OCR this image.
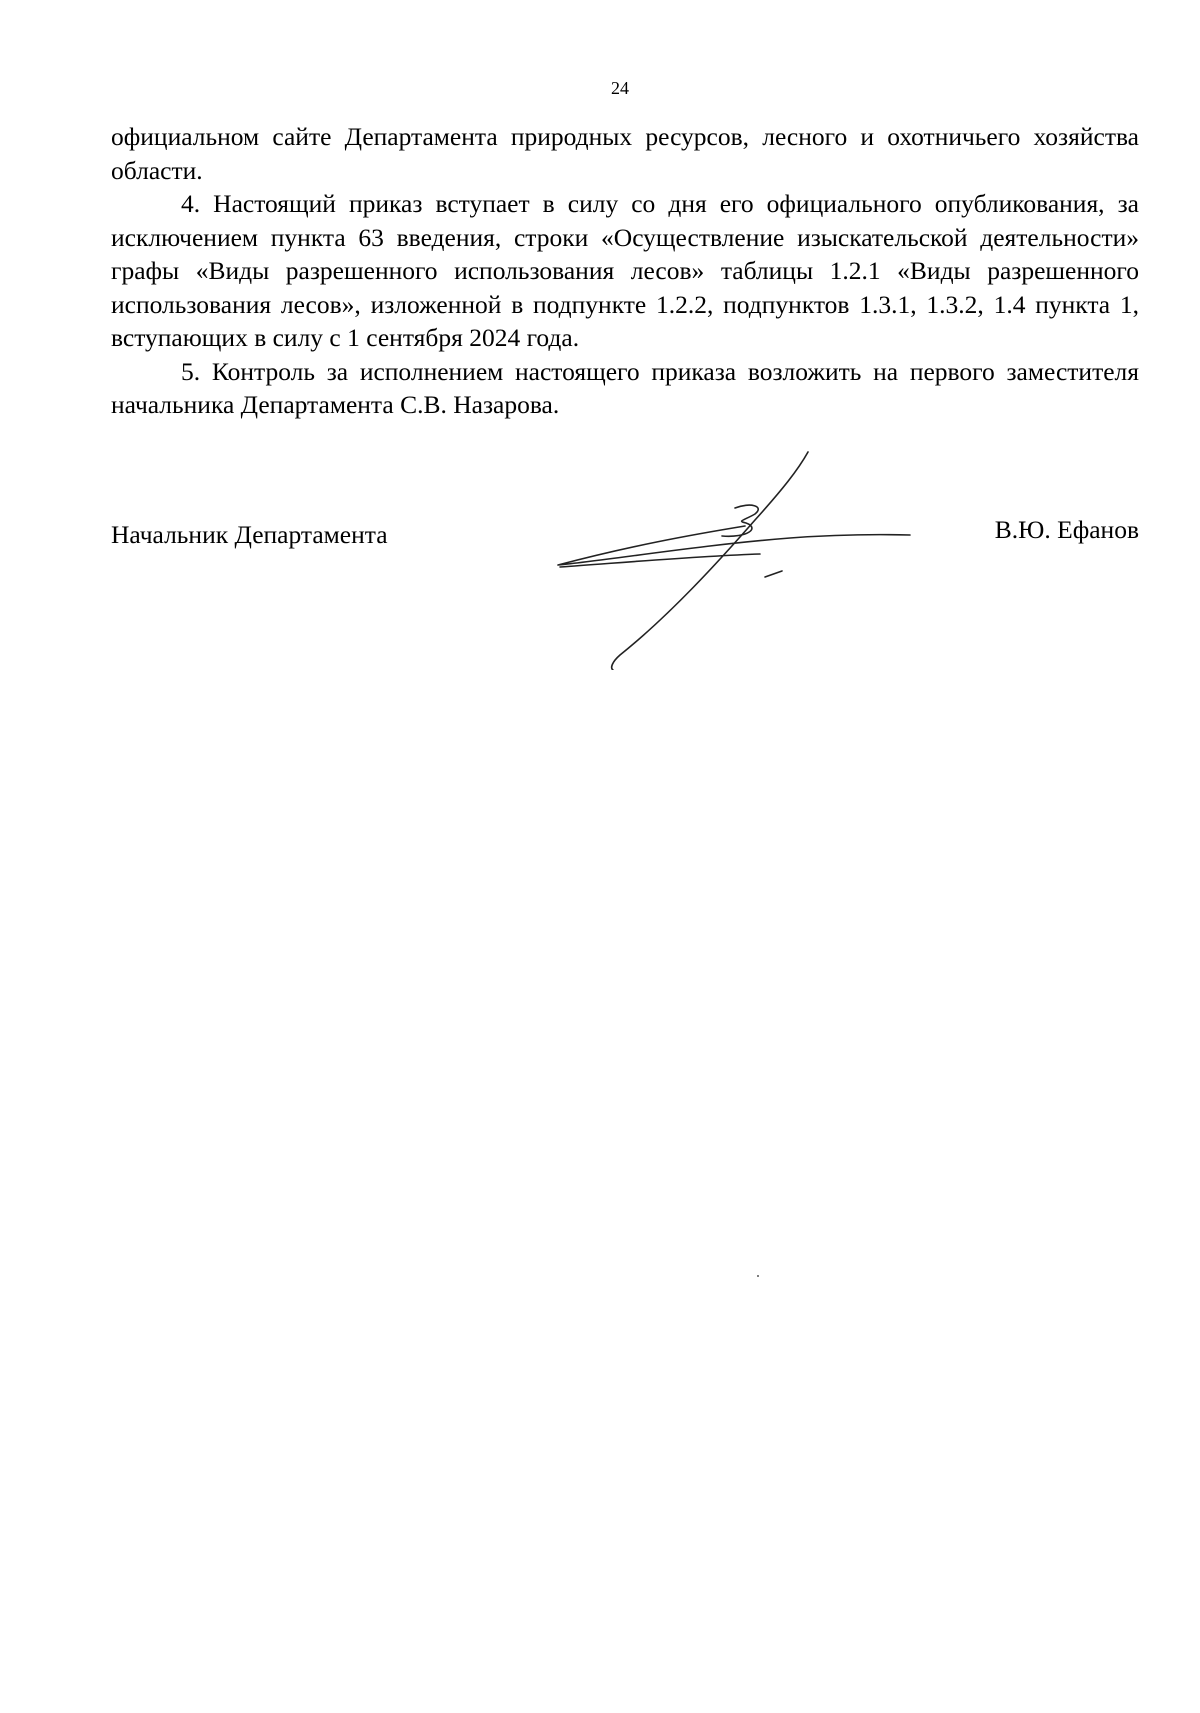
24

официальном сайте Департамента природных ресурсов, лесного и охотничьего хозяйства области.

4. Настоящий приказ вступает в силу со дня его официального опубликования, за исключением пункта 63 введения, строки «Осуществление изыскательской деятельности» графы «Виды разрешенного использования лесов» таблицы 1.2.1 «Виды разрешенного использования лесов», изложенной в подпункте 1.2.2, подпунктов 1.3.1, 1.3.2, 1.4 пункта 1, вступающих в силу с 1 сентября 2024 года.

5. Контроль за исполнением настоящего приказа возложить на первого заместителя начальника Департамента С.В. Назарова.

Начальник Департамента	В.Ю. Ефанов
